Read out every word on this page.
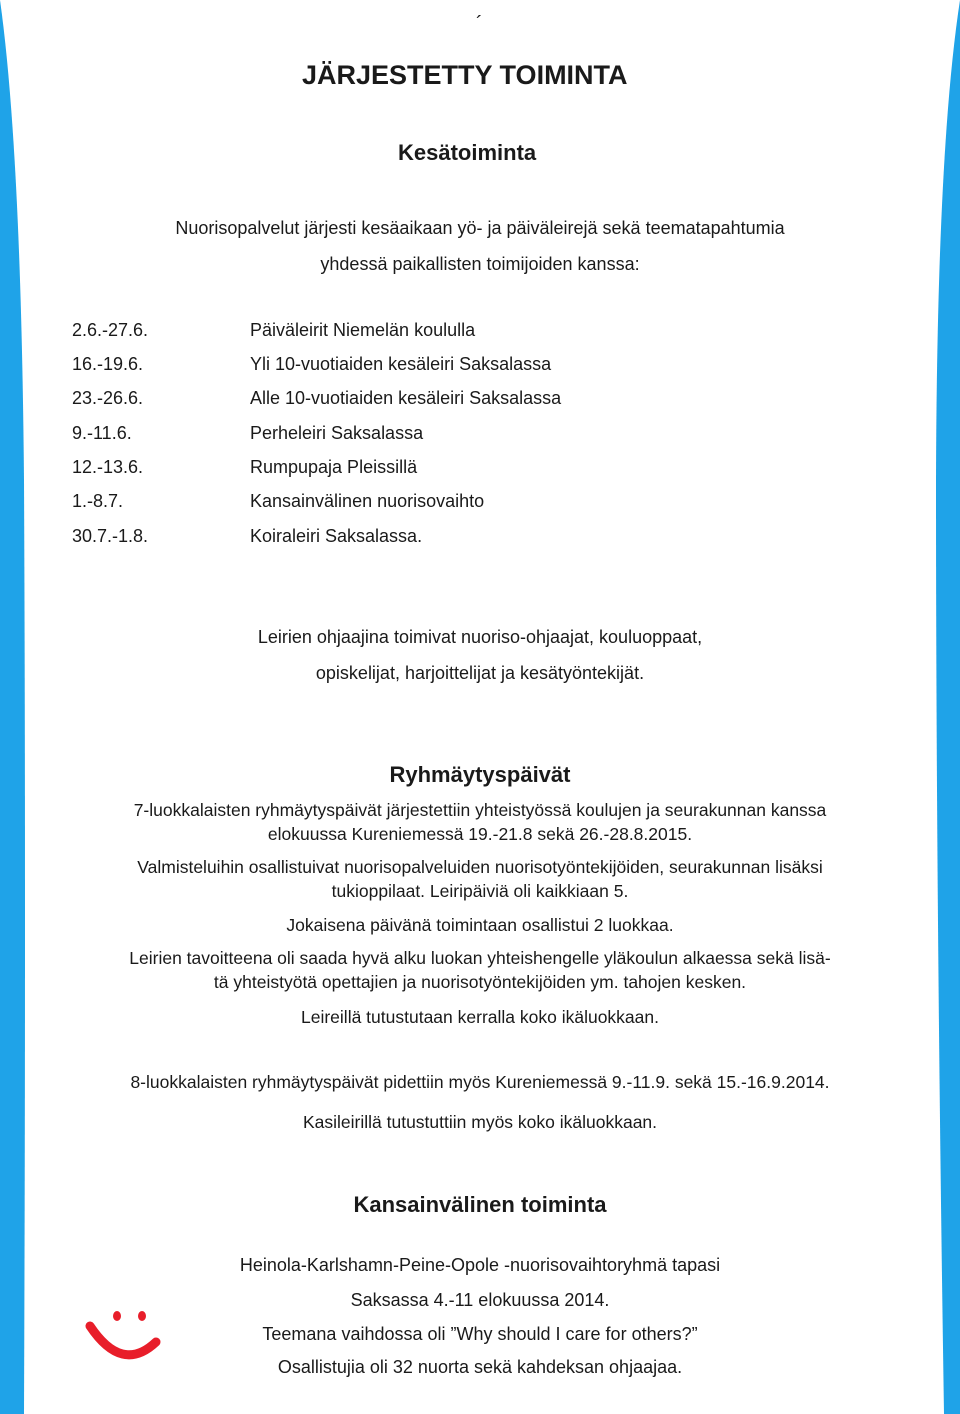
´
JÄRJESTETTY TOIMINTA
Kesätoiminta
Nuorisopalvelut järjesti kesäaikaan yö- ja päiväleirejä sekä teematapahtumia
yhdessä paikallisten toimijoiden kanssa:
2.6.-27.6.	Päiväleirit Niemelän koululla
16.-19.6.	Yli 10-vuotiaiden kesäleiri Saksalassa
23.-26.6.	Alle 10-vuotiaiden kesäleiri Saksalassa
9.-11.6.	Perheleiri Saksalassa
12.-13.6.	Rumpupaja Pleissillä
1.-8.7.	Kansainvälinen nuorisovaihto
30.7.-1.8.	Koiraleiri Saksalassa.
Leirien ohjaajina toimivat nuoriso-ohjaajat, kouluoppaat,
opiskelijat, harjoittelijat ja kesätyöntekijät.
Ryhmäytyspäivät
7-luokkalaisten ryhmäytyspäivät järjestettiin yhteistyössä koulujen ja seurakunnan kanssa
elokuussa Kureniemessä 19.-21.8 sekä 26.-28.8.2015.
Valmisteluihin osallistuivat nuorisopalveluiden nuorisotyöntekijöiden, seurakunnan lisäksi
tukioppilaat. Leiripäiviä oli kaikkiaan 5.
Jokaisena päivänä toimintaan osallistui 2 luokkaa.
Leirien tavoitteena oli saada hyvä alku luokan yhteishengelle yläkoulun alkaessa sekä lisä-
tä yhteistyötä opettajien ja nuorisotyöntekijöiden ym. tahojen kesken.
Leireillä tutustutaan kerralla koko ikäluokkaan.
8-luokkalaisten ryhmäytyspäivät pidettiin myös Kureniemessä 9.-11.9. sekä 15.-16.9.2014.
Kasileirillä tutustuttiin myös koko ikäluokkaan.
Kansainvälinen toiminta
Heinola-Karlshamn-Peine-Opole -nuorisovaihtoryhmä tapasi
Saksassa 4.-11 elokuussa 2014.
Teemana vaihdossa oli ”Why should I care for others?”
Osallistujia oli 32 nuorta sekä kahdeksan ohjaajaa.
